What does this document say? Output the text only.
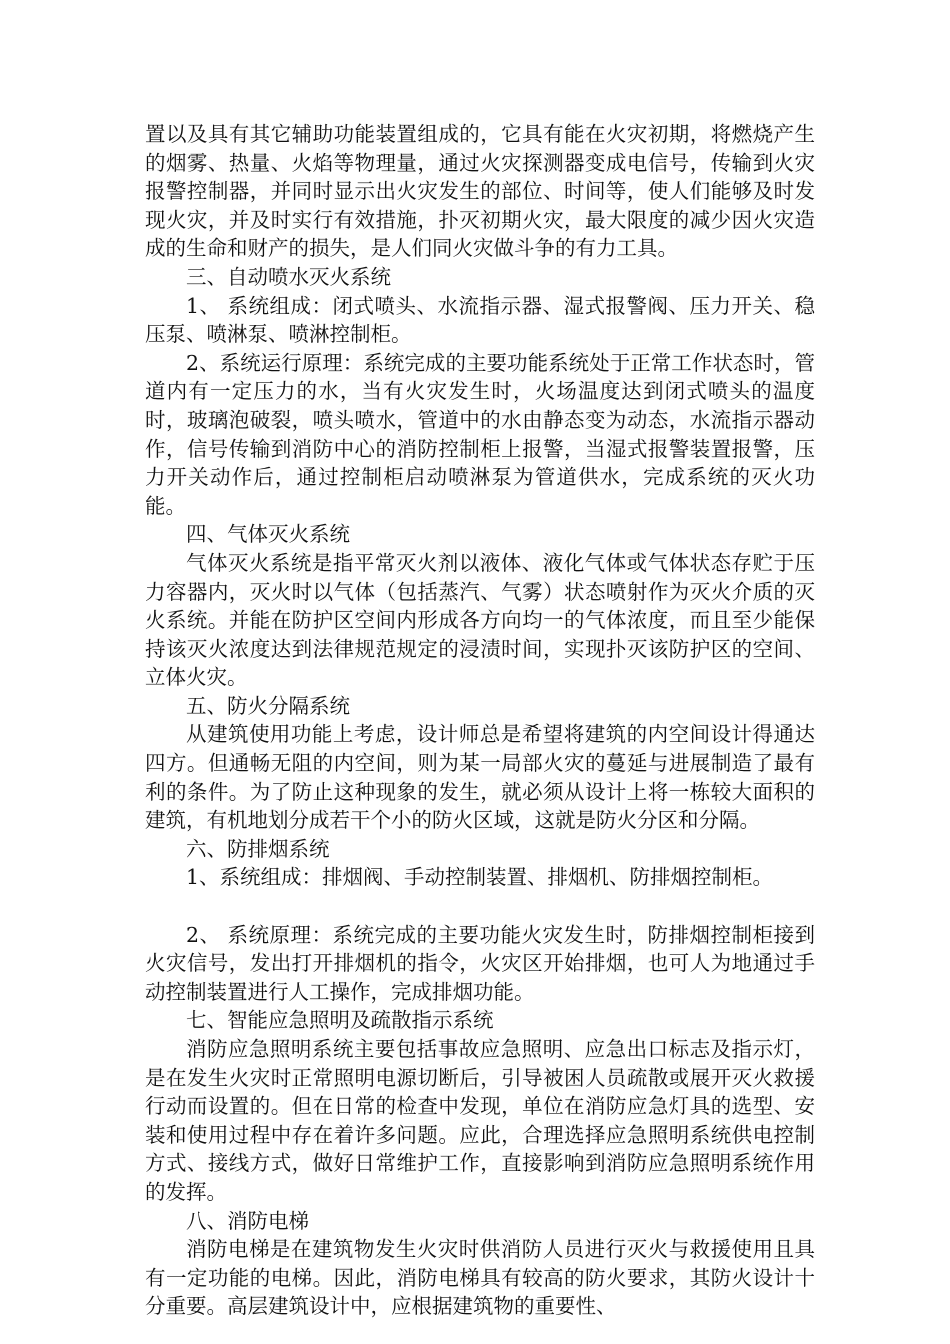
置以及具有其它辅助功能装置组成的，它具有能在火灾初期，将燃烧产生的烟雾、热量、火焰等物理量，通过火灾探测器变成电信号，传输到火灾报警控制器，并同时显示出火灾发生的部位、时间等，使人们能够及时发现火灾，并及时实行有效措施，扑灭初期火灾，最大限度的减少因火灾造成的生命和财产的损失，是人们同火灾做斗争的有力工具。

三、自动喷水灭火系统

1、 系统组成：闭式喷头、水流指示器、湿式报警阀、压力开关、稳压泵、喷淋泵、喷淋控制柜。

2、系统运行原理：系统完成的主要功能系统处于正常工作状态时，管道内有一定压力的水，当有火灾发生时，火场温度达到闭式喷头的温度时，玻璃泡破裂，喷头喷水，管道中的水由静态变为动态，水流指示器动作，信号传输到消防中心的消防控制柜上报警，当湿式报警装置报警，压力开关动作后，通过控制柜启动喷淋泵为管道供水，完成系统的灭火功能。

四、气体灭火系统

气体灭火系统是指平常灭火剂以液体、液化气体或气体状态存贮于压力容器内，灭火时以气体（包括蒸汽、气雾）状态喷射作为灭火介质的灭火系统。并能在防护区空间内形成各方向均一的气体浓度，而且至少能保持该灭火浓度达到法律规范规定的浸渍时间，实现扑灭该防护区的空间、立体火灾。

五、防火分隔系统

从建筑使用功能上考虑，设计师总是希望将建筑的内空间设计得通达四方。但通畅无阻的内空间，则为某一局部火灾的蔓延与进展制造了最有利的条件。为了防止这种现象的发生，就必须从设计上将一栋较大面积的建筑，有机地划分成若干个小的防火区域，这就是防火分区和分隔。

六、防排烟系统

1、系统组成：排烟阀、手动控制装置、排烟机、防排烟控制柜。

2、 系统原理：系统完成的主要功能火灾发生时，防排烟控制柜接到火灾信号，发出打开排烟机的指令，火灾区开始排烟，也可人为地通过手动控制装置进行人工操作，完成排烟功能。

七、智能应急照明及疏散指示系统

消防应急照明系统主要包括事故应急照明、应急出口标志及指示灯，是在发生火灾时正常照明电源切断后，引导被困人员疏散或展开灭火救援行动而设置的。但在日常的检查中发现，单位在消防应急灯具的选型、安装和使用过程中存在着许多问题。应此，合理选择应急照明系统供电控制方式、接线方式，做好日常维护工作，直接影响到消防应急照明系统作用的发挥。

八、消防电梯

消防电梯是在建筑物发生火灾时供消防人员进行灭火与救援使用且具有一定功能的电梯。因此，消防电梯具有较高的防火要求，其防火设计十分重要。高层建筑设计中，应根据建筑物的重要性、
